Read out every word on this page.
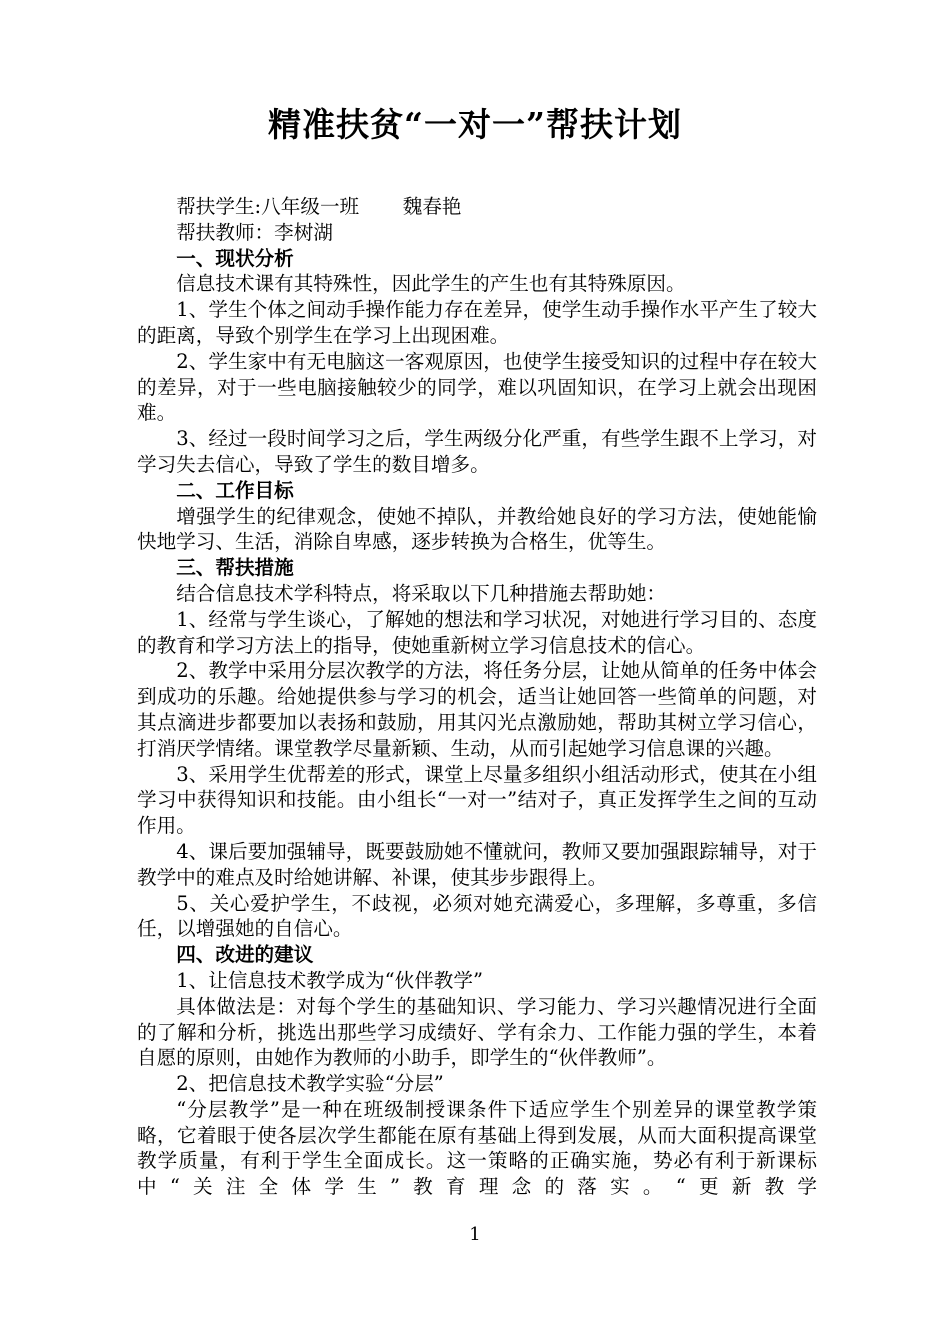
精准扶贫“一对一”帮扶计划

帮扶学生:八年级一班       魏春艳

帮扶教师：李树湖

一、现状分析

信息技术课有其特殊性，因此学生的产生也有其特殊原因。

1、学生个体之间动手操作能力存在差异，使学生动手操作水平产生了较大的距离，导致个别学生在学习上出现困难。

2、学生家中有无电脑这一客观原因，也使学生接受知识的过程中存在较大的差异，对于一些电脑接触较少的同学，难以巩固知识，在学习上就会出现困难。

3、经过一段时间学习之后，学生两级分化严重，有些学生跟不上学习，对学习失去信心，导致了学生的数目增多。

二、工作目标

增强学生的纪律观念，使她不掉队，并教给她良好的学习方法，使她能愉快地学习、生活，消除自卑感，逐步转换为合格生，优等生。

三、帮扶措施

结合信息技术学科特点，将采取以下几种措施去帮助她：

1、经常与学生谈心，了解她的想法和学习状况，对她进行学习目的、态度的教育和学习方法上的指导，使她重新树立学习信息技术的信心。

2、教学中采用分层次教学的方法，将任务分层，让她从简单的任务中体会到成功的乐趣。给她提供参与学习的机会，适当让她回答一些简单的问题，对其点滴进步都要加以表扬和鼓励，用其闪光点激励她，帮助其树立学习信心，打消厌学情绪。课堂教学尽量新颖、生动，从而引起她学习信息课的兴趣。

3、采用学生优帮差的形式，课堂上尽量多组织小组活动形式，使其在小组学习中获得知识和技能。由小组长“一对一”结对子，真正发挥学生之间的互动作用。

4、课后要加强辅导，既要鼓励她不懂就问，教师又要加强跟踪辅导，对于教学中的难点及时给她讲解、补课，使其步步跟得上。

5、关心爱护学生，不歧视，必须对她充满爱心，多理解，多尊重，多信任，以增强她的自信心。

四、改进的建议

1、让信息技术教学成为“伙伴教学”

具体做法是：对每个学生的基础知识、学习能力、学习兴趣情况进行全面的了解和分析，挑选出那些学习成绩好、学有余力、工作能力强的学生，本着自愿的原则，由她作为教师的小助手，即学生的“伙伴教师”。

2、把信息技术教学实验“分层”

“分层教学”是一种在班级制授课条件下适应学生个别差异的课堂教学策略，它着眼于使各层次学生都能在原有基础上得到发展，从而大面积提高课堂教学质量，有利于学生全面成长。这一策略的正确实施，势必有利于新课标中“关注全体学生”教育理念的落实。“更新教学

1
